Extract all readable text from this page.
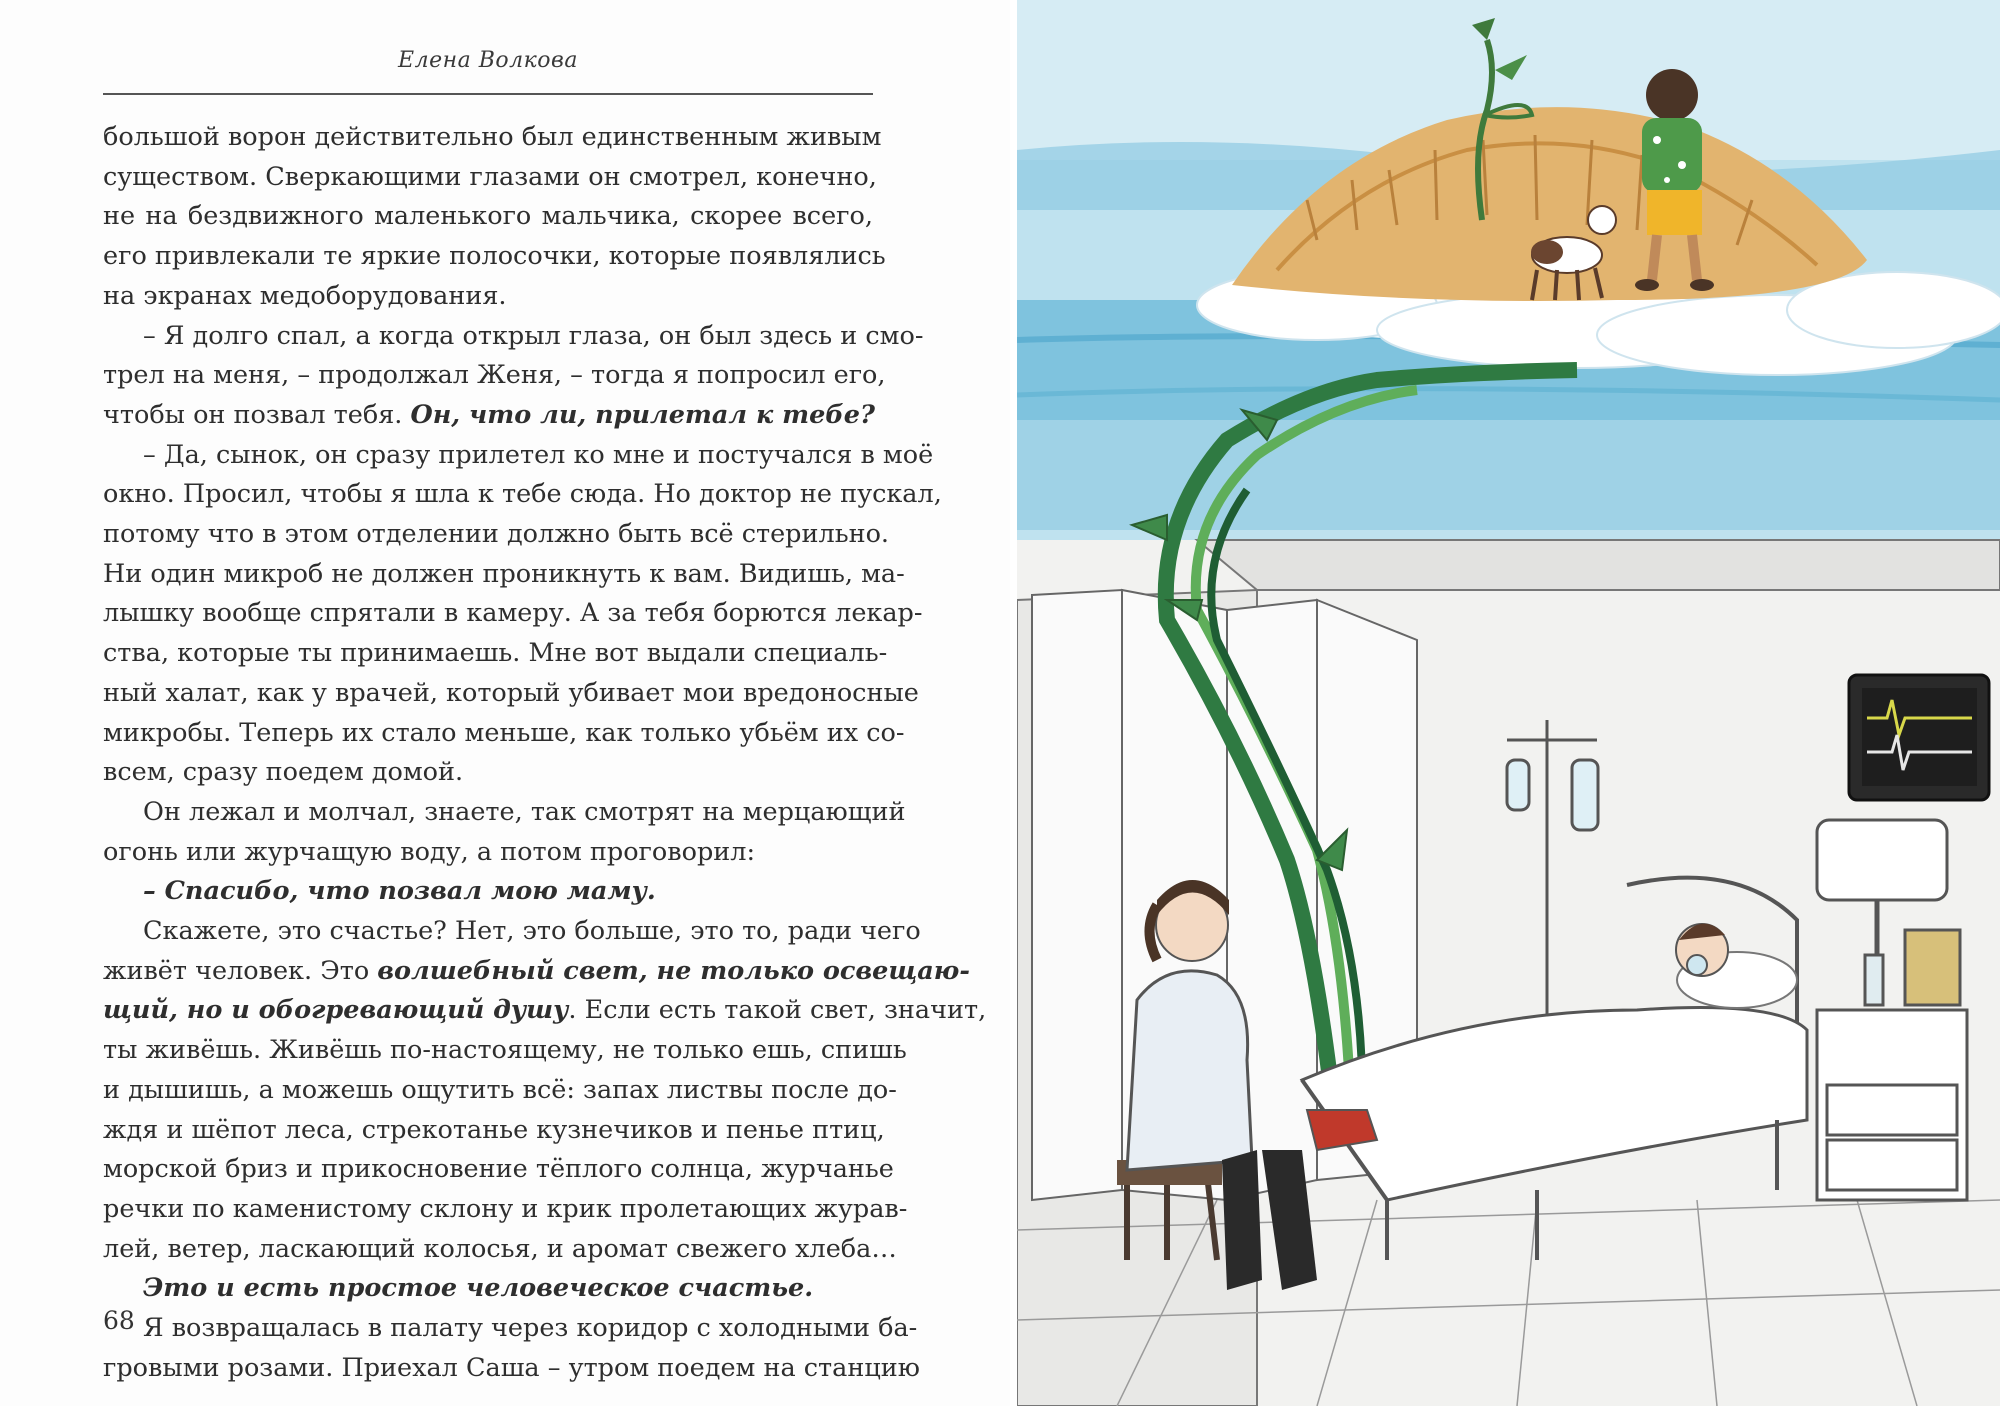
Елена Волкова
большой ворон действительно был единственным живым
существом. Сверкающими глазами он смотрел, конечно,
не на бездвижного маленького мальчика, скорее всего,
его привлекали те яркие полосочки, которые появлялись
на экранах медоборудования.
– Я долго спал, а когда открыл глаза, он был здесь и смо-
трел на меня, – продолжал Женя, – тогда я попросил его,
чтобы он позвал тебя. Он, что ли, прилетал к тебе?
– Да, сынок, он сразу прилетел ко мне и постучался в моё
окно. Просил, чтобы я шла к тебе сюда. Но доктор не пускал,
потому что в этом отделении должно быть всё стерильно.
Ни один микроб не должен проникнуть к вам. Видишь, ма-
лышку вообще спрятали в камеру. А за тебя борются лекар-
ства, которые ты принимаешь. Мне вот выдали специаль-
ный халат, как у врачей, который убивает мои вредоносные
микробы. Теперь их стало меньше, как только убьём их со-
всем, сразу поедем домой.
Он лежал и молчал, знаете, так смотрят на мерцающий
огонь или журчащую воду, а потом проговорил:
– Спасибо, что позвал мою маму.
Скажете, это счастье? Нет, это больше, это то, ради чего
живёт человек. Это волшебный свет, не только освещаю-
щий, но и обогревающий душу. Если есть такой свет, значит,
ты живёшь. Живёшь по-настоящему, не только ешь, спишь
и дышишь, а можешь ощутить всё: запах листвы после до-
ждя и шёпот леса, стрекотанье кузнечиков и пенье птиц,
морской бриз и прикосновение тёплого солнца, журчанье
речки по каменистому склону и крик пролетающих журав-
лей, ветер, ласкающий колосья, и аромат свежего хлеба…
Это и есть простое человеческое счастье.
Я возвращалась в палату через коридор с холодными ба-
гровыми розами. Приехал Саша – утром поедем на станцию
68
